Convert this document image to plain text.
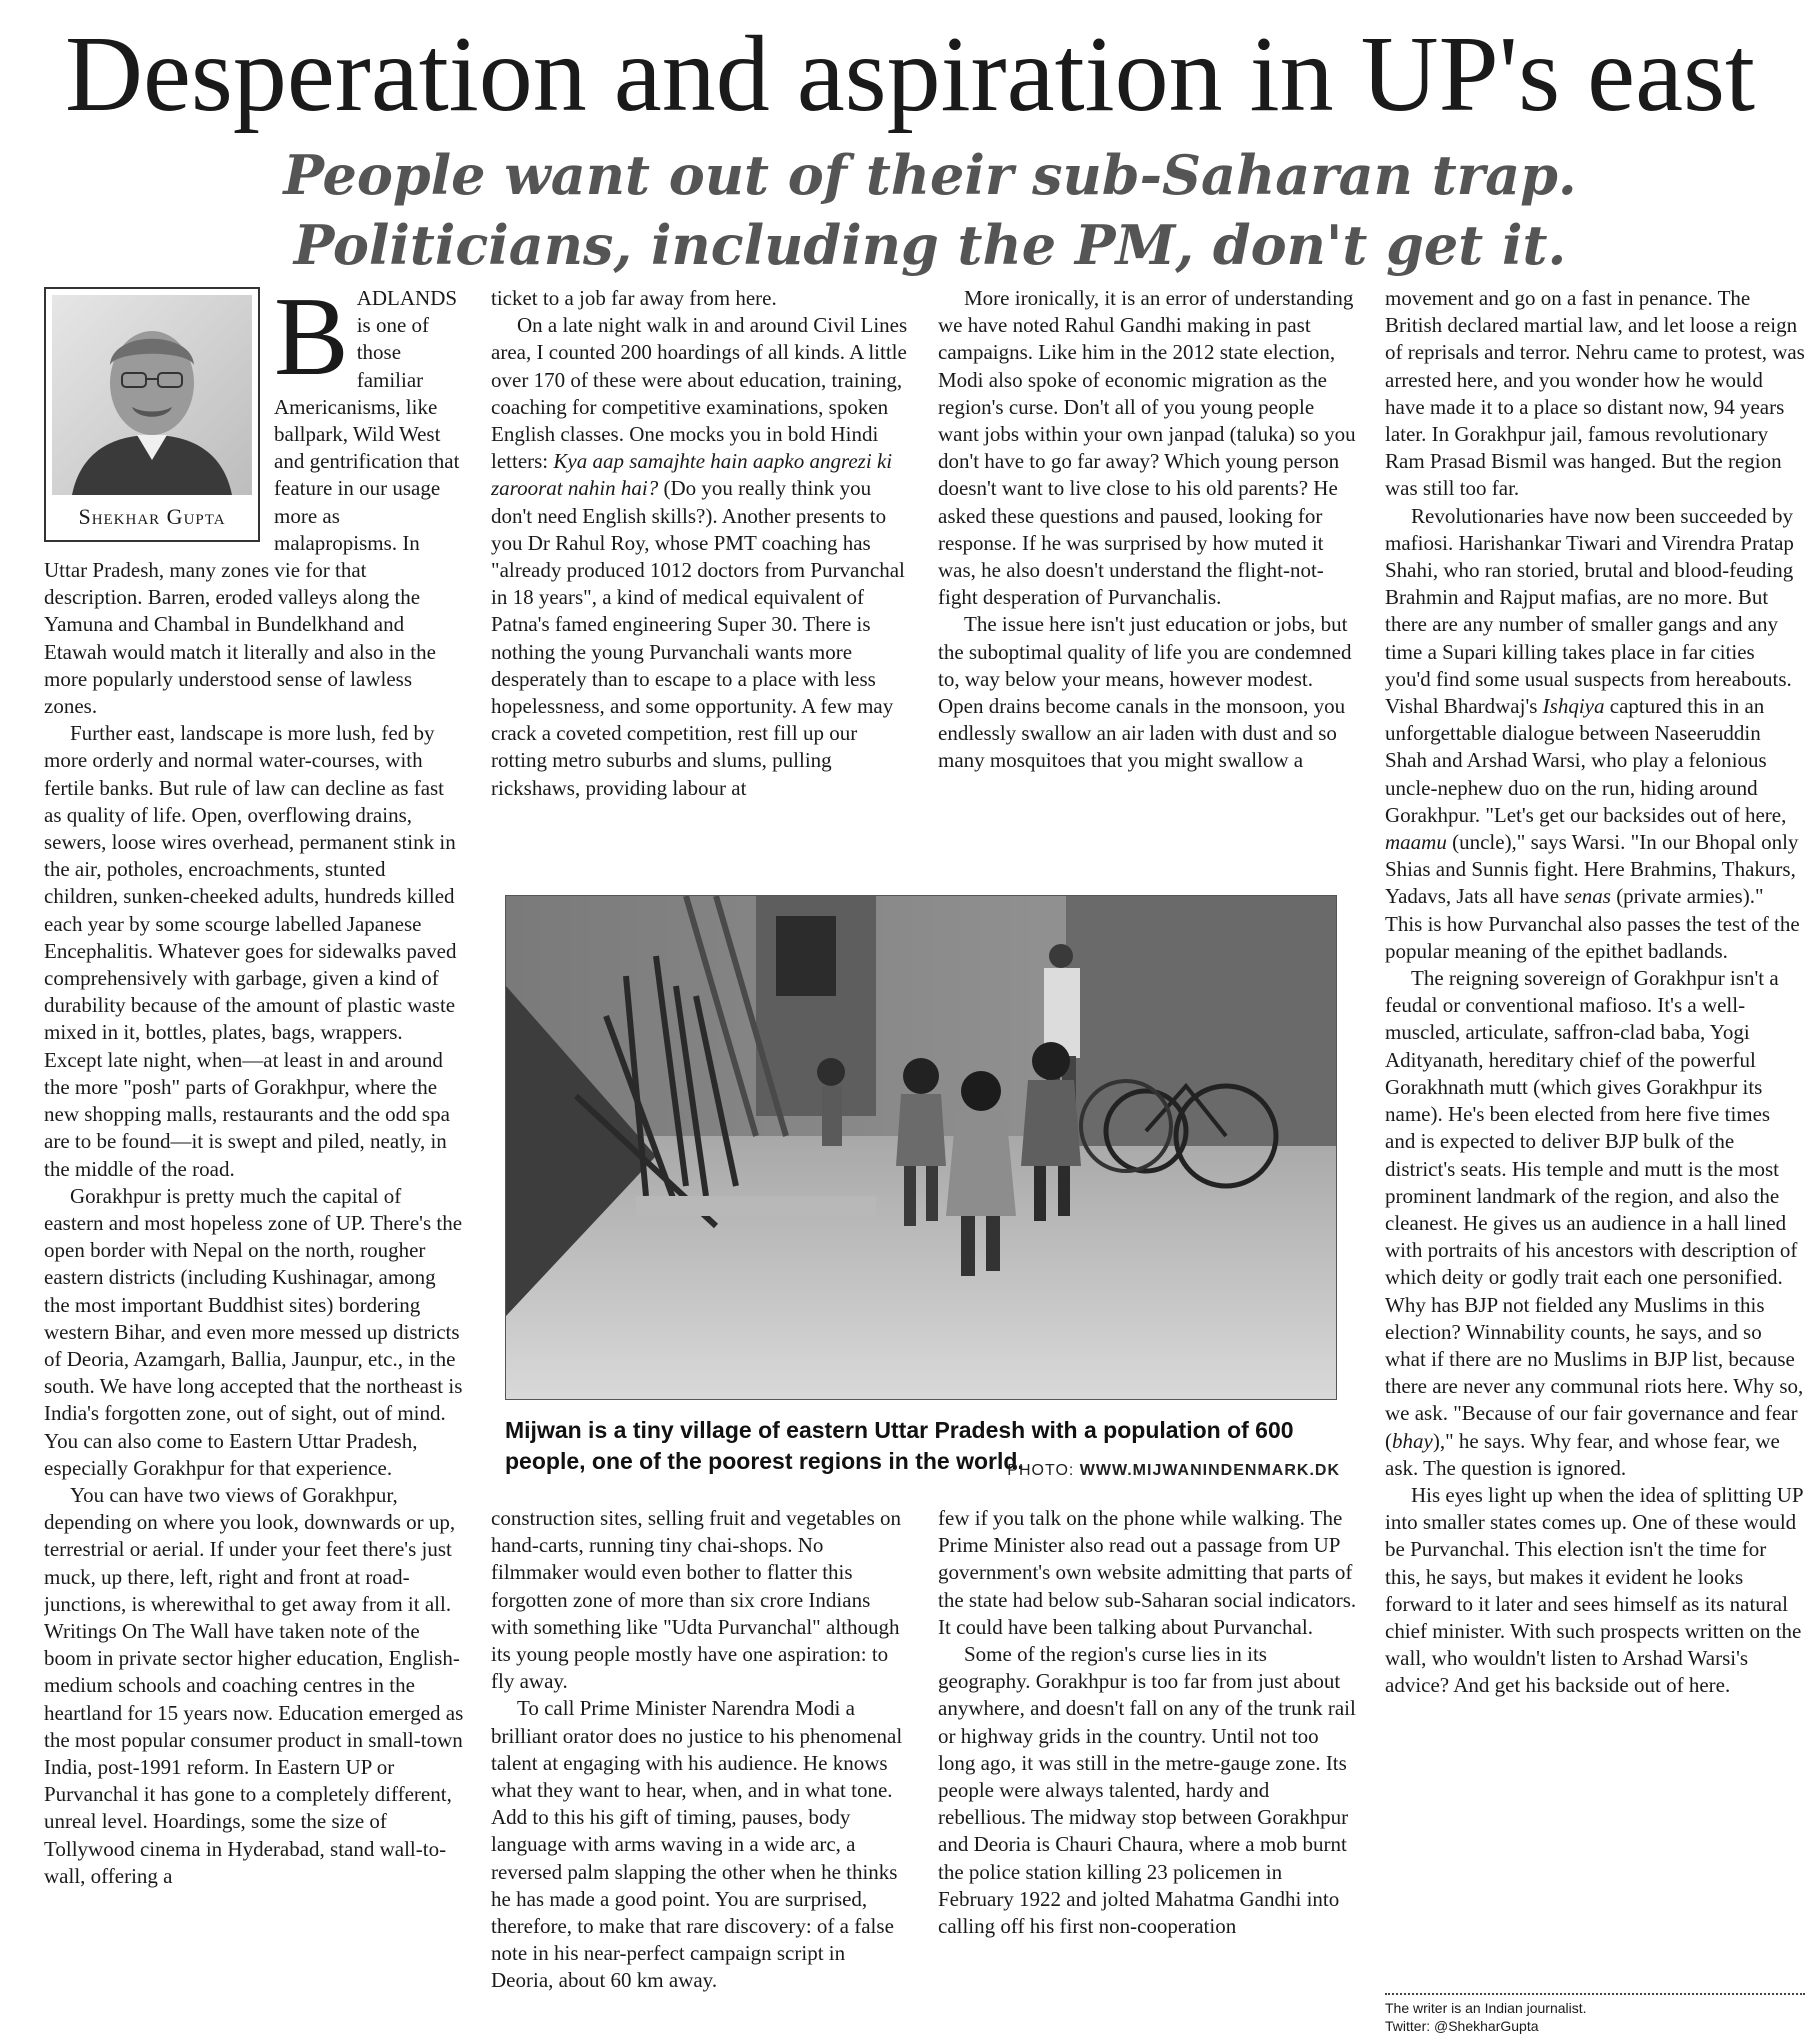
Desperation and aspiration in UP's east
People want out of their sub-Saharan trap.
Politicians, including the PM, don't get it.
Shekhar Gupta

BADLANDS is one of those familiar Americanisms, like ballpark, Wild West and gentrification that feature in our usage more as malapropisms. In Uttar Pradesh, many zones vie for that description. Barren, eroded valleys along the Yamuna and Chambal in Bundelkhand and Etawah would match it literally and also in the more popularly understood sense of lawless zones.

Further east, landscape is more lush, fed by more orderly and normal water-courses, with fertile banks. But rule of law can decline as fast as quality of life. Open, overflowing drains, sewers, loose wires overhead, permanent stink in the air, potholes, encroachments, stunted children, sunken-cheeked adults, hundreds killed each year by some scourge labelled Japanese Encephalitis. Whatever goes for sidewalks paved comprehensively with garbage, given a kind of durability because of the amount of plastic waste mixed in it, bottles, plates, bags, wrappers. Except late night, when—at least in and around the more "posh" parts of Gorakhpur, where the new shopping malls, restaurants and the odd spa are to be found—it is swept and piled, neatly, in the middle of the road.

Gorakhpur is pretty much the capital of eastern and most hopeless zone of UP. There's the open border with Nepal on the north, rougher eastern districts (including Kushinagar, among the most important Buddhist sites) bordering western Bihar, and even more messed up districts of Deoria, Azamgarh, Ballia, Jaunpur, etc., in the south. We have long accepted that the northeast is India's forgotten zone, out of sight, out of mind. You can also come to Eastern Uttar Pradesh, especially Gorakhpur for that experience.

You can have two views of Gorakhpur, depending on where you look, downwards or up, terrestrial or aerial. If under your feet there's just muck, up there, left, right and front at road-junctions, is wherewithal to get away from it all. Writings On The Wall have taken note of the boom in private sector higher education, English-medium schools and coaching centres in the heartland for 15 years now. Education emerged as the most popular consumer product in small-town India, post-1991 reform. In Eastern UP or Purvanchal it has gone to a completely different, unreal level. Hoardings, some the size of Tollywood cinema in Hyderabad, stand wall-to-wall, offering a

ticket to a job far away from here.

On a late night walk in and around Civil Lines area, I counted 200 hoardings of all kinds. A little over 170 of these were about education, training, coaching for competitive examinations, spoken English classes. One mocks you in bold Hindi letters: Kya aap samajhte hain aapko angrezi ki zaroorat nahin hai? (Do you really think you don't need English skills?). Another presents to you Dr Rahul Roy, whose PMT coaching has "already produced 1012 doctors from Purvanchal in 18 years", a kind of medical equivalent of Patna's famed engineering Super 30. There is nothing the young Purvanchali wants more desperately than to escape to a place with less hopelessness, and some opportunity. A few may crack a coveted competition, rest fill up our rotting metro suburbs and slums, pulling rickshaws, providing labour at

More ironically, it is an error of understanding we have noted Rahul Gandhi making in past campaigns. Like him in the 2012 state election, Modi also spoke of economic migration as the region's curse. Don't all of you young people want jobs within your own janpad (taluka) so you don't have to go far away? Which young person doesn't want to live close to his old parents? He asked these questions and paused, looking for response. If he was surprised by how muted it was, he also doesn't understand the flight-not-fight desperation of Purvanchalis.

The issue here isn't just education or jobs, but the suboptimal quality of life you are condemned to, way below your means, however modest. Open drains become canals in the monsoon, you endlessly swallow an air laden with dust and so many mosquitoes that you might swallow a

Mijwan is a tiny village of eastern Uttar Pradesh with a population of 600 people, one of the poorest regions in the world.
PHOTO: WWW.MIJWANINDENMARK.DK

construction sites, selling fruit and vegetables on hand-carts, running tiny chai-shops. No filmmaker would even bother to flatter this forgotten zone of more than six crore Indians with something like "Udta Purvanchal" although its young people mostly have one aspiration: to fly away.

To call Prime Minister Narendra Modi a brilliant orator does no justice to his phenomenal talent at engaging with his audience. He knows what they want to hear, when, and in what tone. Add to this his gift of timing, pauses, body language with arms waving in a wide arc, a reversed palm slapping the other when he thinks he has made a good point. You are surprised, therefore, to make that rare discovery: of a false note in his near-perfect campaign script in Deoria, about 60 km away.

few if you talk on the phone while walking. The Prime Minister also read out a passage from UP government's own website admitting that parts of the state had below sub-Saharan social indicators. It could have been talking about Purvanchal.

Some of the region's curse lies in its geography. Gorakhpur is too far from just about anywhere, and doesn't fall on any of the trunk rail or highway grids in the country. Until not too long ago, it was still in the metre-gauge zone. Its people were always talented, hardy and rebellious. The midway stop between Gorakhpur and Deoria is Chauri Chaura, where a mob burnt the police station killing 23 policemen in February 1922 and jolted Mahatma Gandhi into calling off his first non-cooperation

movement and go on a fast in penance. The British declared martial law, and let loose a reign of reprisals and terror. Nehru came to protest, was arrested here, and you wonder how he would have made it to a place so distant now, 94 years later. In Gorakhpur jail, famous revolutionary Ram Prasad Bismil was hanged. But the region was still too far.

Revolutionaries have now been succeeded by mafiosi. Harishankar Tiwari and Virendra Pratap Shahi, who ran storied, brutal and blood-feuding Brahmin and Rajput mafias, are no more. But there are any number of smaller gangs and any time a Supari killing takes place in far cities you'd find some usual suspects from hereabouts. Vishal Bhardwaj's Ishqiya captured this in an unforgettable dialogue between Naseeruddin Shah and Arshad Warsi, who play a felonious uncle-nephew duo on the run, hiding around Gorakhpur. "Let's get our backsides out of here, maamu (uncle)," says Warsi. "In our Bhopal only Shias and Sunnis fight. Here Brahmins, Thakurs, Yadavs, Jats all have senas (private armies)." This is how Purvanchal also passes the test of the popular meaning of the epithet badlands.

The reigning sovereign of Gorakhpur isn't a feudal or conventional mafioso. It's a well-muscled, articulate, saffron-clad baba, Yogi Adityanath, hereditary chief of the powerful Gorakhnath mutt (which gives Gorakhpur its name). He's been elected from here five times and is expected to deliver BJP bulk of the district's seats. His temple and mutt is the most prominent landmark of the region, and also the cleanest. He gives us an audience in a hall lined with portraits of his ancestors with description of which deity or godly trait each one personified. Why has BJP not fielded any Muslims in this election? Winnability counts, he says, and so what if there are no Muslims in BJP list, because there are never any communal riots here. Why so, we ask. "Because of our fair governance and fear (bhay)," he says. Why fear, and whose fear, we ask. The question is ignored.

His eyes light up when the idea of splitting UP into smaller states comes up. One of these would be Purvanchal. This election isn't the time for this, he says, but makes it evident he looks forward to it later and sees himself as its natural chief minister. With such prospects written on the wall, who wouldn't listen to Arshad Warsi's advice? And get his backside out of here.

The writer is an Indian journalist.
Twitter: @ShekharGupta
